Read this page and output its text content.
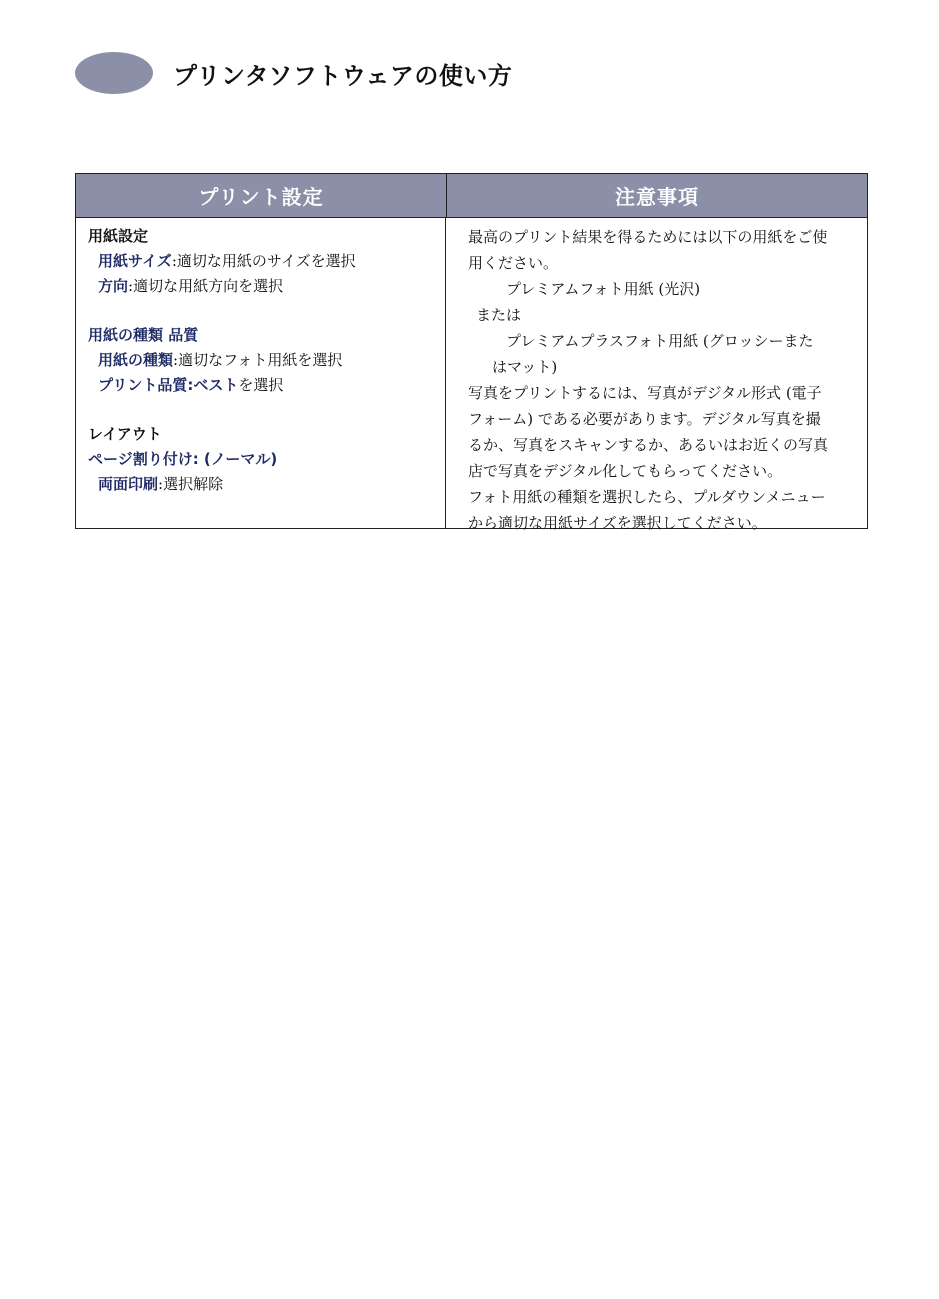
プリンタソフトウェアの使い方
プリント設定	注意事項
用紙設定
用紙サイズ:適切な用紙のサイズを選択
方向:適切な用紙方向を選択
用紙の種類 品質
用紙の種類:適切なフォト用紙を選択
プリント品質:ベストを選択
レイアウト
ページ割り付け: (ノーマル)
両面印刷:選択解除
最高のプリント結果を得るためには以下の用紙をご使
用ください。
プレミアムフォト用紙 (光沢)
または
プレミアムプラスフォト用紙 (グロッシーまた
はマット)
写真をプリントするには、写真がデジタル形式 (電子
フォーム) である必要があります。デジタル写真を撮
るか、写真をスキャンするか、あるいはお近くの写真
店で写真をデジタル化してもらってください。
フォト用紙の種類を選択したら、プルダウンメニュー
から適切な用紙サイズを選択してください。
